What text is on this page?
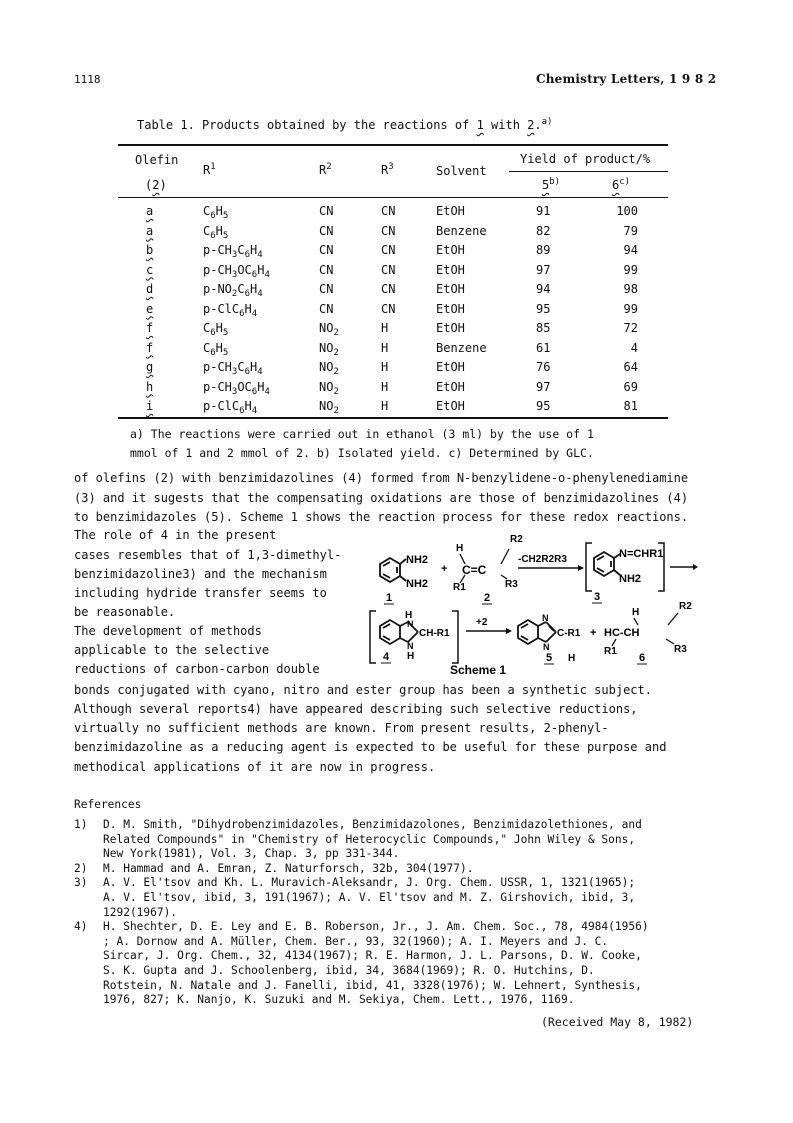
1118	Chemistry Letters, 1 9 8 2
Table 1. Products obtained by the reactions of 1 with 2.$^{a)}$
Olefin
(2)
$R^1$	$R^2$	$R^3$	Solvent
Yield of product/%
5$^{b)}$	6$^{c)}$
a	$C_6H_5$	CN	CN	EtOH	91	100
a	$C_6H_5$	CN	CN	Benzene	82	79
b	$p-CH_3C_6H_4$	CN	CN	EtOH	89	94
c	$p-CH_3OC_6H_4$	CN	CN	EtOH	97	99
d	$p-NO_2C_6H_4$	CN	CN	EtOH	94	98
e	$p-ClC_6H_4$	CN	CN	EtOH	95	99
f	$C_6H_5$	$NO_2$	H	EtOH	85	72
f	$C_6H_5$	$NO_2$	H	Benzene	61	4
g	$p-CH_3C_6H_4$	$NO_2$	H	EtOH	76	64
h	$p-CH_3OC_6H_4$	$NO_2$	H	EtOH	97	69
i	$p-ClC_6H_4$	$NO_2$	H	EtOH	95	81
a) The reactions were carried out in ethanol (3 ml) by the use of 1
mmol of 1 and 2 mmol of 2. b) Isolated yield. c) Determined by GLC.
of olefins (2) with benzimidazolines (4) formed from N-benzylidene-o-phenylenediamine
(3) and it sugests that the compensating oxidations are those of benzimidazolines (4)
to benzimidazoles (5). Scheme 1 shows the reaction process for these redox reactions.
The role of 4 in the present
cases resembles that of 1,3-dimethyl-
benzimidazoline3) and the mechanism
including hydride transfer seems to
be reasonable.
The development of methods
applicable to the selective
reductions of carbon-carbon double
bonds conjugated with cyano, nitro and ester group has been a synthetic subject.
Although several reports4) have appeared describing such selective reductions,
virtually no sufficient methods are known. From present results, 2-phenyl-
benzimidazoline as a reducing agent is expected to be useful for these purpose and
methodical applications of it are now in progress.
NH2
NH2
1
+
H
R2
C=C
R1	R3
2
-CH2R2R3	N=CHR1
NH2
3
H
N
N
H
CH-R1
4
+2	N
N
C-R1
H
5
+
H
R2
HC-CH
R1	R3
6
Scheme 1
References
1) D. M. Smith, "Dihydrobenzimidazoles, Benzimidazolones, Benzimidazolethiones, and
Related Compounds" in "Chemistry of Heterocyclic Compounds," John Wiley & Sons,
New York(1981), Vol. 3, Chap. 3, pp 331-344.
2) M. Hammad and A. Emran, Z. Naturforsch, 32b, 304(1977).
3) A. V. El'tsov and Kh. L. Muravich-Aleksandr, J. Org. Chem. USSR, 1, 1321(1965);
A. V. El'tsov, ibid, 3, 191(1967); A. V. El'tsov and M. Z. Girshovich, ibid, 3,
1292(1967).
4) H. Shechter, D. E. Ley and E. B. Roberson, Jr., J. Am. Chem. Soc., 78, 4984(1956)
; A. Dornow and A. Müller, Chem. Ber., 93, 32(1960); A. I. Meyers and J. C.
Sircar, J. Org. Chem., 32, 4134(1967); R. E. Harmon, J. L. Parsons, D. W. Cooke,
S. K. Gupta and J. Schoolenberg, ibid, 34, 3684(1969); R. O. Hutchins, D.
Rotstein, N. Natale and J. Fanelli, ibid, 41, 3328(1976); W. Lehnert, Synthesis,
1976, 827; K. Nanjo, K. Suzuki and M. Sekiya, Chem. Lett., 1976, 1169.
(Received May 8, 1982)
